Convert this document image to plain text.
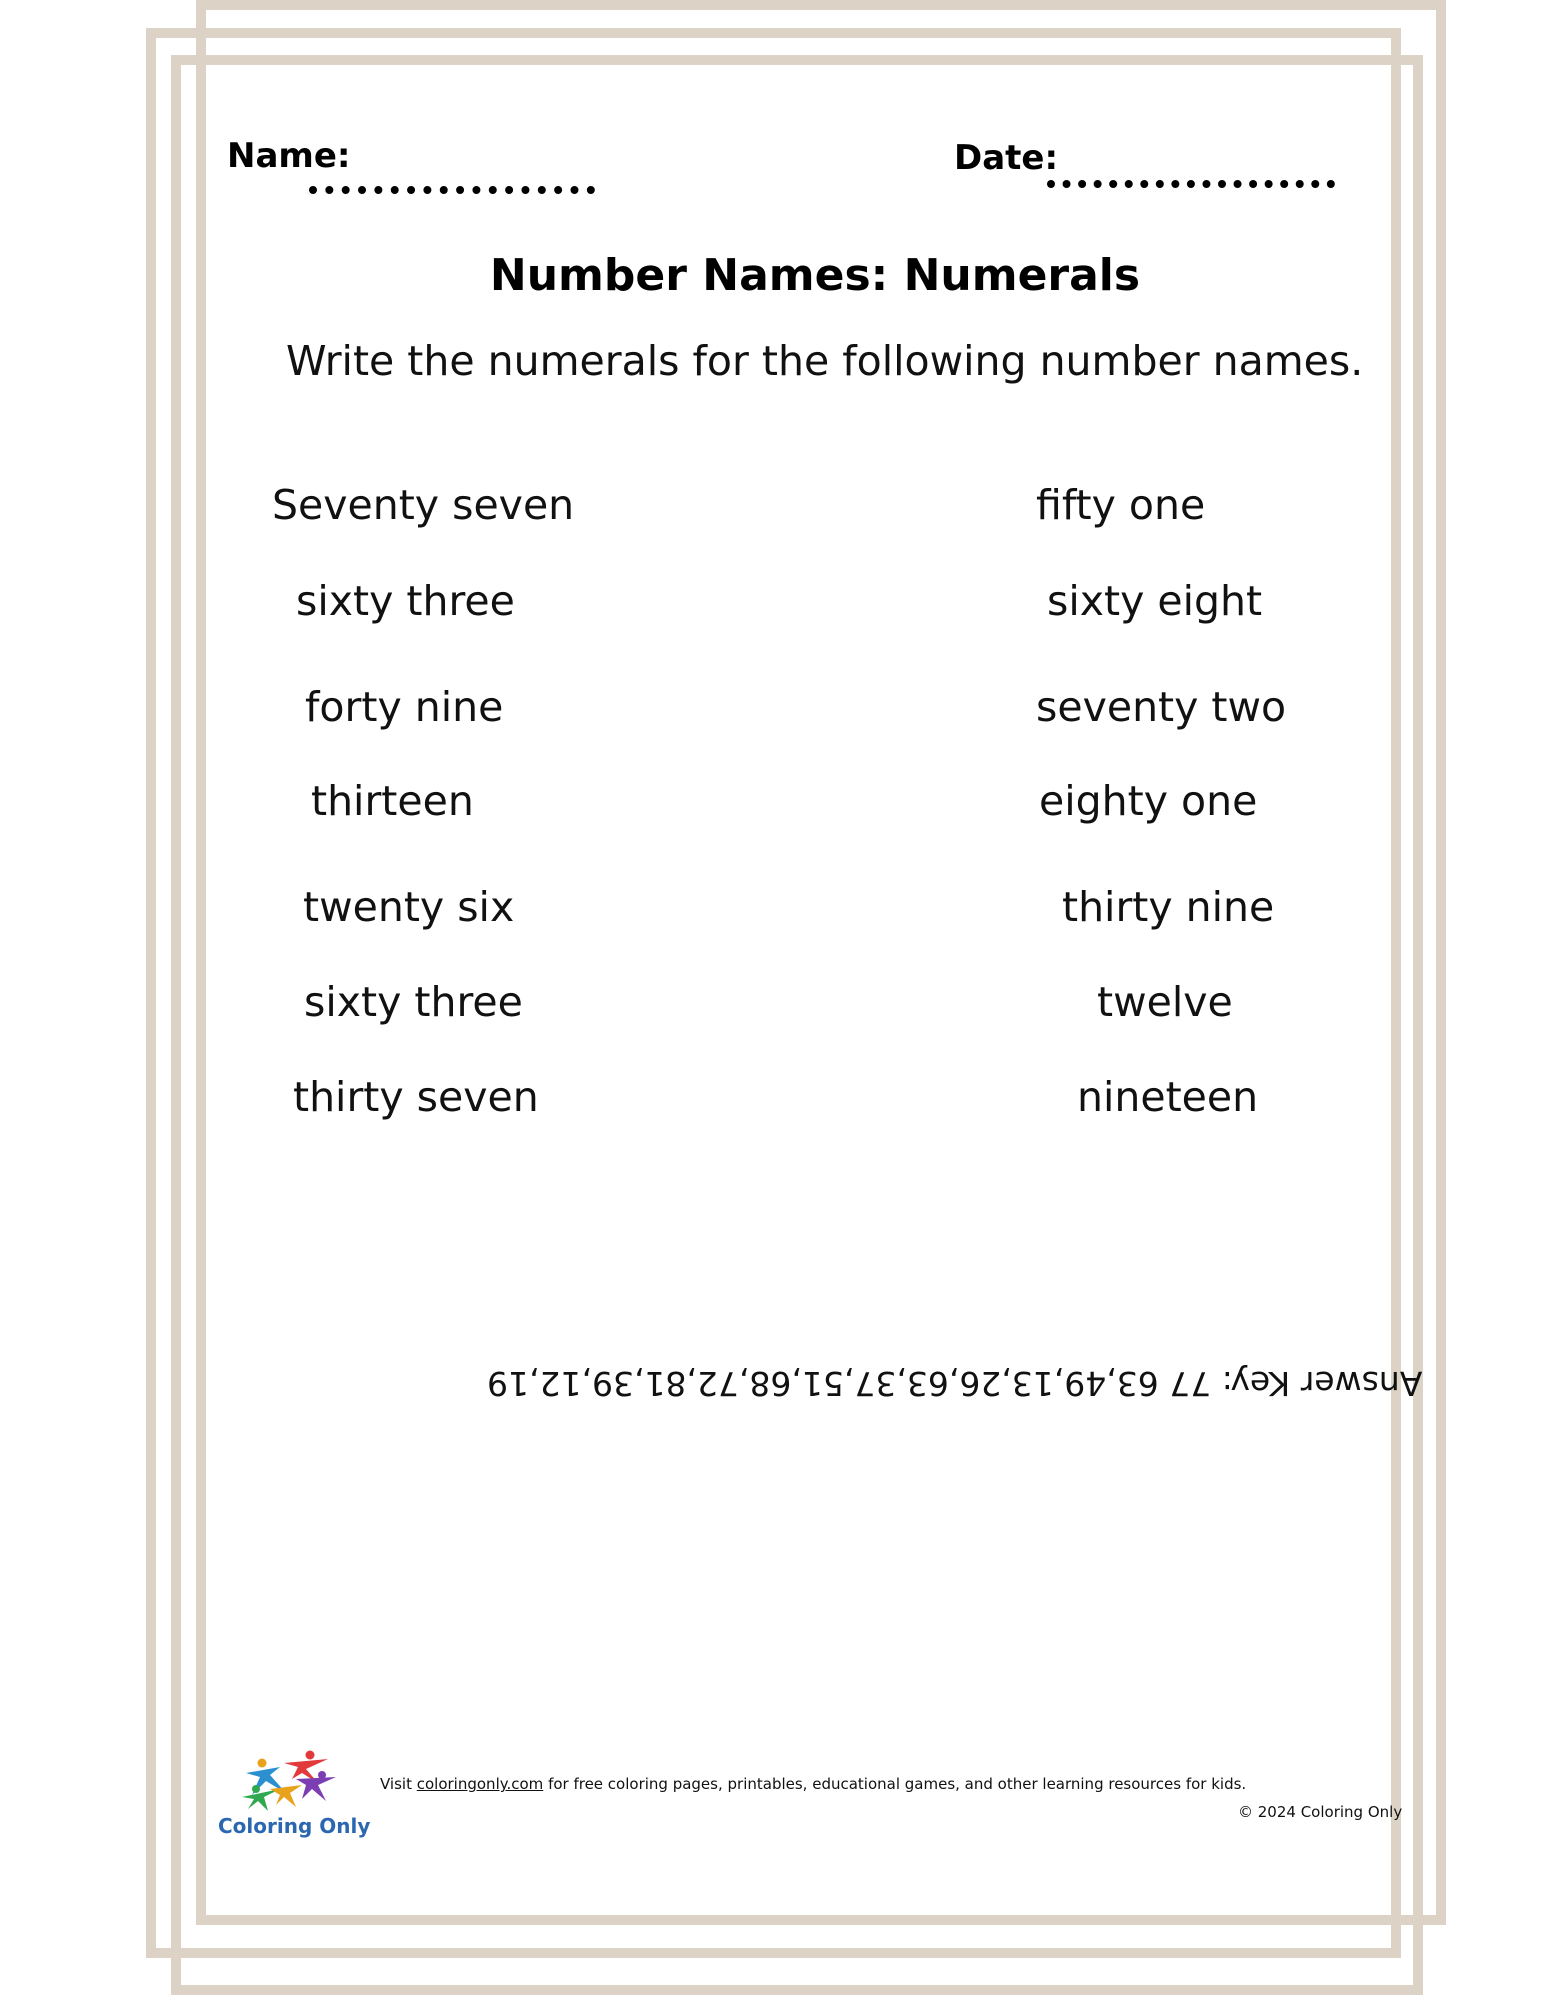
Name:	Date:
Number Names: Numerals
Write the numerals for the following number names.
Seventy seven
sixty three
forty nine
thirteen
twenty six
sixty three
thirty seven
fifty one
sixty eight
seventy two
eighty one
thirty nine
twelve
nineteen
Answer Key: 77 63,49,13,26,63,37,51,68,72,81,39,12,19
Coloring Only
Visit coloringonly.com for free coloring pages, printables, educational games, and other learning resources for kids.
© 2024 Coloring Only
